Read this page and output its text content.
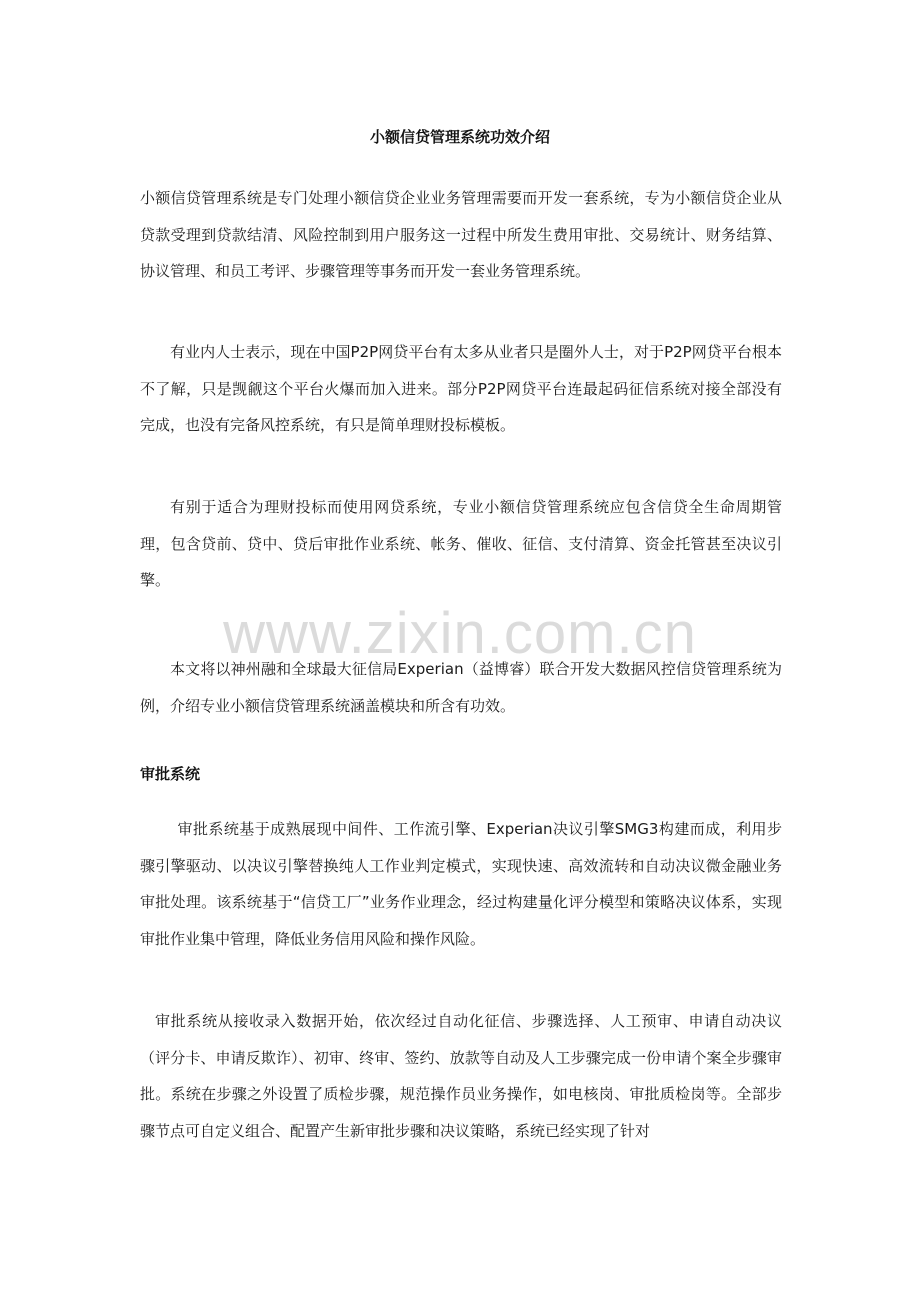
小额信贷管理系统功效介绍

小额信贷管理系统是专门处理小额信贷企业业务管理需要而开发一套系统，专为小额信贷企业从贷款受理到贷款结清、风险控制到用户服务这一过程中所发生费用审批、交易统计、财务结算、协议管理、和员工考评、步骤管理等事务而开发一套业务管理系统。

有业内人士表示，现在中国P2P网贷平台有太多从业者只是圈外人士，对于P2P网贷平台根本不了解，只是觊觎这个平台火爆而加入进来。部分P2P网贷平台连最起码征信系统对接全部没有完成，也没有完备风控系统，有只是简单理财投标模板。

有别于适合为理财投标而使用网贷系统，专业小额信贷管理系统应包含信贷全生命周期管理，包含贷前、贷中、贷后审批作业系统、帐务、催收、征信、支付清算、资金托管甚至决议引擎。

本文将以神州融和全球最大征信局Experian（益博睿）联合开发大数据风控信贷管理系统为例，介绍专业小额信贷管理系统涵盖模块和所含有功效。

审批系统

审批系统基于成熟展现中间件、工作流引擎、Experian决议引擎SMG3构建而成，利用步骤引擎驱动、以决议引擎替换纯人工作业判定模式，实现快速、高效流转和自动决议微金融业务审批处理。该系统基于“信贷工厂”业务作业理念，经过构建量化评分模型和策略决议体系，实现审批作业集中管理，降低业务信用风险和操作风险。

审批系统从接收录入数据开始，依次经过自动化征信、步骤选择、人工预审、申请自动决议（评分卡、申请反欺诈）、初审、终审、签约、放款等自动及人工步骤完成一份申请个案全步骤审批。系统在步骤之外设置了质检步骤，规范操作员业务操作，如电核岗、审批质检岗等。全部步骤节点可自定义组合、配置产生新审批步骤和决议策略，系统已经实现了针对

www.zixin.com.cn
